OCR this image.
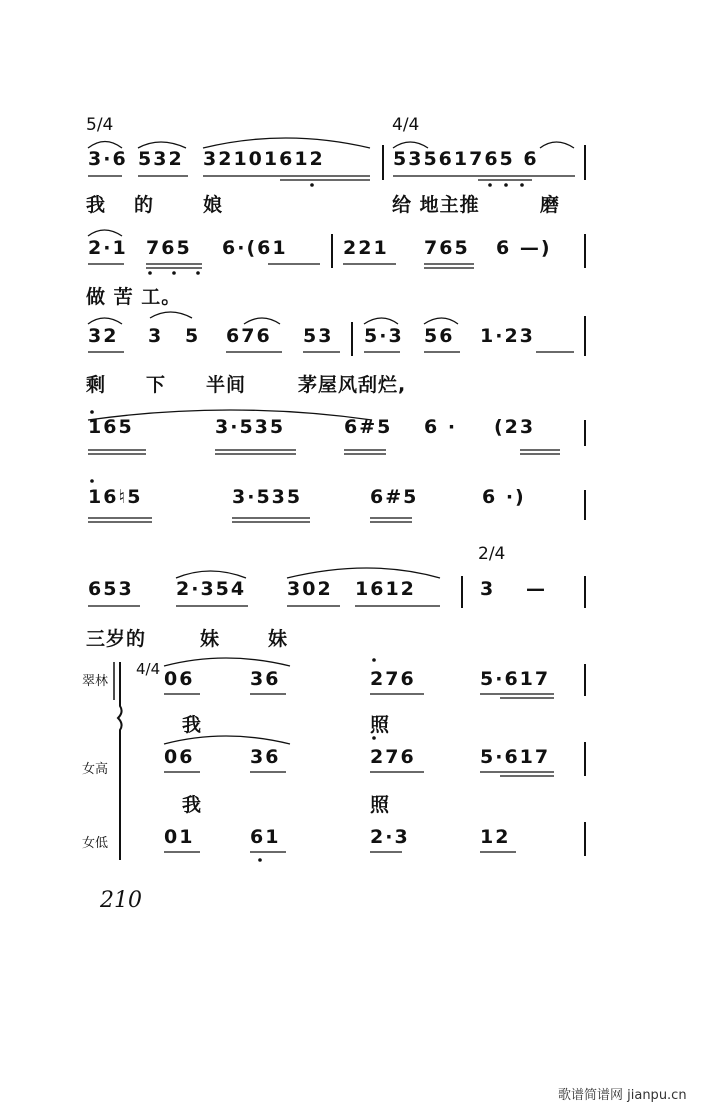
5/4	4/4
2/4
4/4
210
歌谱简谱网 jianpu.cn
3·6 532 32101612	53561765 6
我 的	娘	给 地主推	磨
2·1 765 6·(61	221 765 6 —)
做 苦 工。
32 3 5 676 53 5·3 56 1·23
剩 下 半间	茅屋风刮烂,
165	3·535	6#5 6 · (23
16♮5	3·535	6#5	6 ·)
653 2·354 302 1612	3 —
三岁的	妹	妹
翠林	06	36	276	5·617
我	照
女高
06	36	276	5·617
我	照
女低	01	61	2·3	12
